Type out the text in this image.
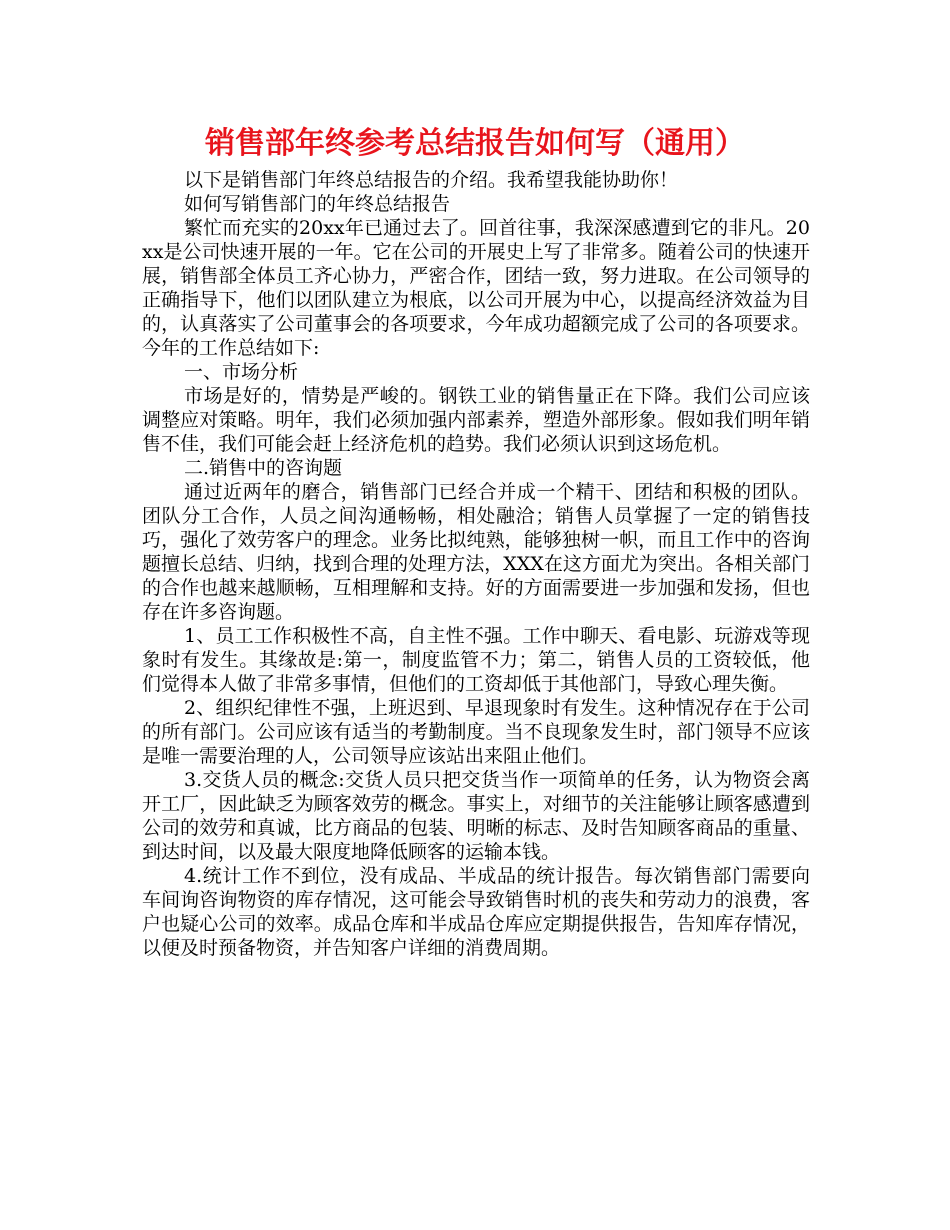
销售部年终参考总结报告如何写（通用）

以下是销售部门年终总结报告的介绍。我希望我能协助你！

如何写销售部门的年终总结报告

繁忙而充实的20xx年已通过去了。回首往事，我深深感遭到它的非凡。20xx是公司快速开展的一年。它在公司的开展史上写了非常多。随着公司的快速开展，销售部全体员工齐心协力，严密合作，团结一致，努力进取。在公司领导的正确指导下，他们以团队建立为根底，以公司开展为中心，以提高经济效益为目的，认真落实了公司董事会的各项要求，今年成功超额完成了公司的各项要求。今年的工作总结如下:

一、市场分析

市场是好的，情势是严峻的。钢铁工业的销售量正在下降。我们公司应该调整应对策略。明年，我们必须加强内部素养，塑造外部形象。假如我们明年销售不佳，我们可能会赶上经济危机的趋势。我们必须认识到这场危机。

二.销售中的咨询题

通过近两年的磨合，销售部门已经合并成一个精干、团结和积极的团队。团队分工合作，人员之间沟通畅畅，相处融洽；销售人员掌握了一定的销售技巧，强化了效劳客户的理念。业务比拟纯熟，能够独树一帜，而且工作中的咨询题擅长总结、归纳，找到合理的处理方法，XXX在这方面尤为突出。各相关部门的合作也越来越顺畅，互相理解和支持。好的方面需要进一步加强和发扬，但也存在许多咨询题。

1、员工工作积极性不高，自主性不强。工作中聊天、看电影、玩游戏等现象时有发生。其缘故是:第一，制度监管不力；第二，销售人员的工资较低，他们觉得本人做了非常多事情，但他们的工资却低于其他部门，导致心理失衡。

2、组织纪律性不强，上班迟到、早退现象时有发生。这种情况存在于公司的所有部门。公司应该有适当的考勤制度。当不良现象发生时，部门领导不应该是唯一需要治理的人，公司领导应该站出来阻止他们。

3.交货人员的概念:交货人员只把交货当作一项简单的任务，认为物资会离开工厂，因此缺乏为顾客效劳的概念。事实上，对细节的关注能够让顾客感遭到公司的效劳和真诚，比方商品的包装、明晰的标志、及时告知顾客商品的重量、到达时间，以及最大限度地降低顾客的运输本钱。

4.统计工作不到位，没有成品、半成品的统计报告。每次销售部门需要向车间询咨询物资的库存情况，这可能会导致销售时机的丧失和劳动力的浪费，客户也疑心公司的效率。成品仓库和半成品仓库应定期提供报告，告知库存情况，以便及时预备物资，并告知客户详细的消费周期。
